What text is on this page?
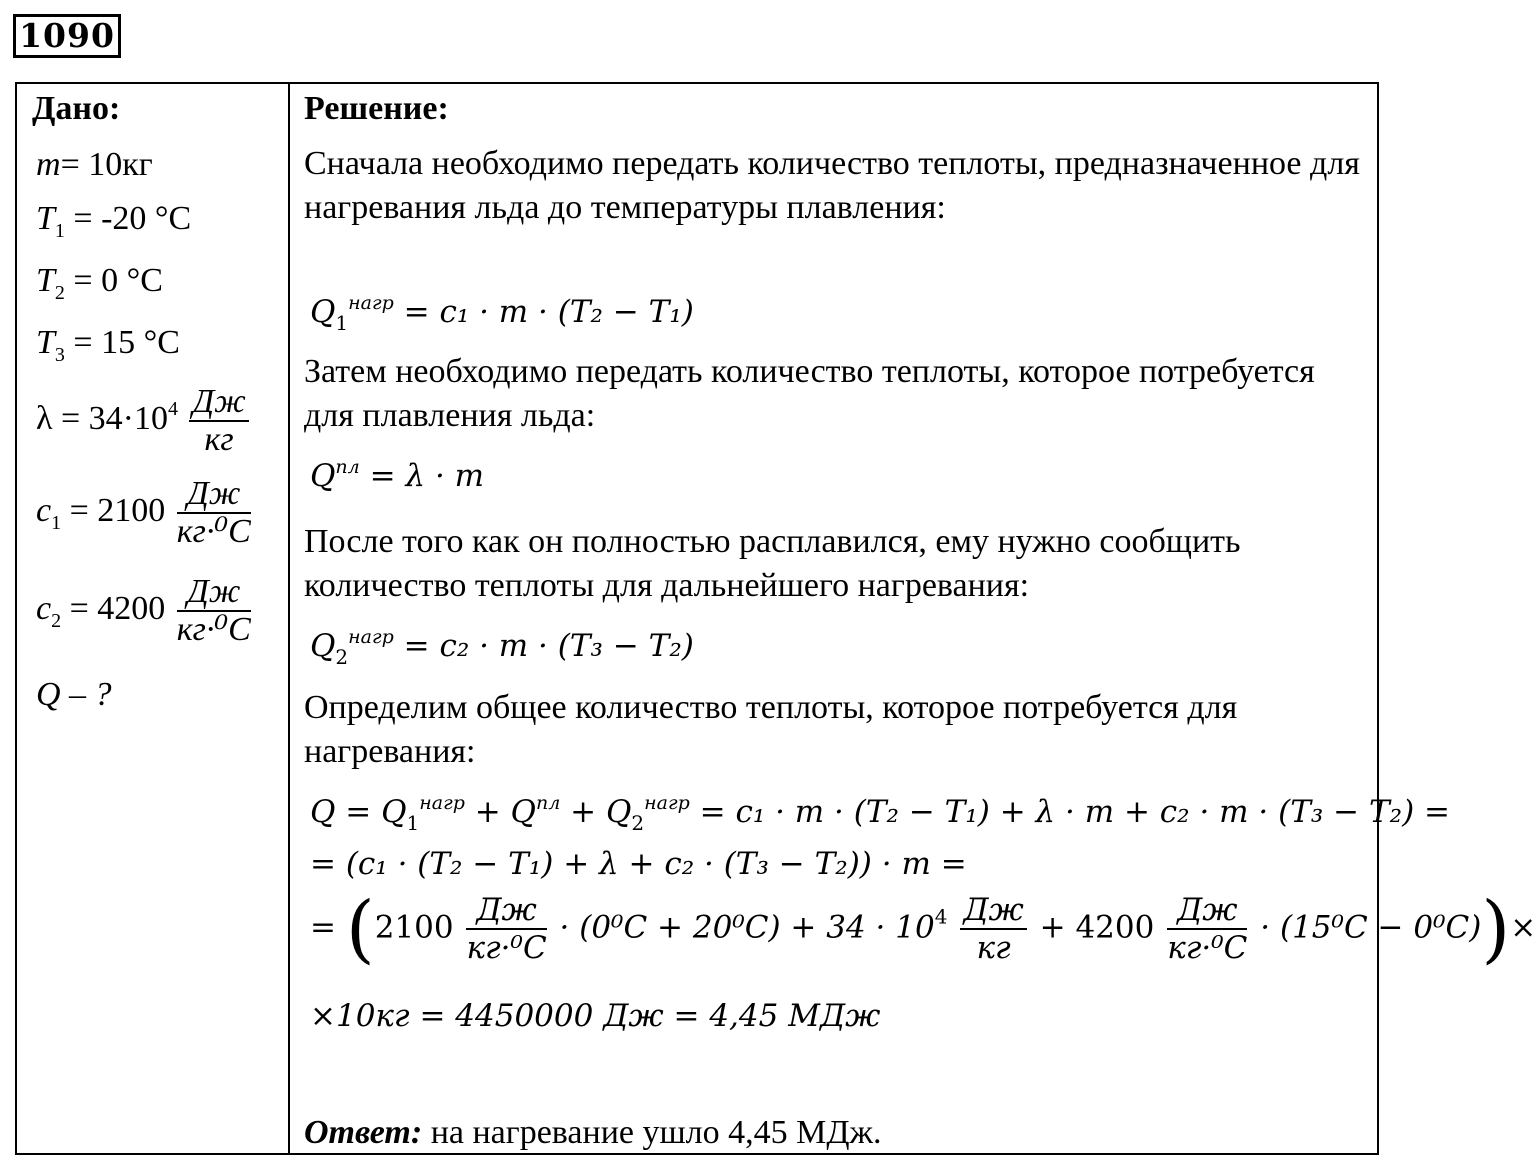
1090
Дано:
m= 10кг
$T_1 = -20$ °C
$T_2 = 0$ °C
$T_3 = 15$ °C
$\lambda = 34\cdot 10^4 \frac{Дж}{кг}$
$c_1 = 2100 \frac{Дж}{\text{кг·⁰C}}$
$c_2 = 4200 \frac{Дж}{\text{кг·⁰C}}$
Q – ?
Решение:
Сначала необходимо передать количество теплоты, предназначенное для нагревания льда до температуры плавления:
$Q_1^{нагр} = c_1 \cdot m \cdot (T_2 - T_1)$
Затем необходимо передать количество теплоты, которое потребуется для плавления льда:
$Q^{пл} = \lambda \cdot m$
После того как он полностью расплавился, ему нужно сообщить количество теплоты для дальнейшего нагревания:
$Q_2^{нагр} = c_2 \cdot m \cdot (T_3 - T_2)$
Определим общее количество теплоты, которое потребуется для нагревания:
$Q = Q_1^{нагр} + Q^{пл} + Q_2^{нагр} = c_1 \cdot m \cdot (T_2 - T_1) + \lambda \cdot m + c_2 \cdot m \cdot (T_3 - T_2)$ =
= (c₁ · (T₂ − T₁) + λ + c₂ · (T₃ − T₂)) · m =
= $(2100 \frac{Дж}{\text{кг·⁰C}} \cdot (0^0C + 20^0C) + 34 \cdot 10^4 \frac{Дж}{кг} + 4200 \frac{Дж}{\text{кг·⁰C}} \cdot (15^0C - 0^0C))\times$
×10кг = 4450000 Дж = 4,45 МДж
Ответ: на нагревание ушло 4,45 МДж.
